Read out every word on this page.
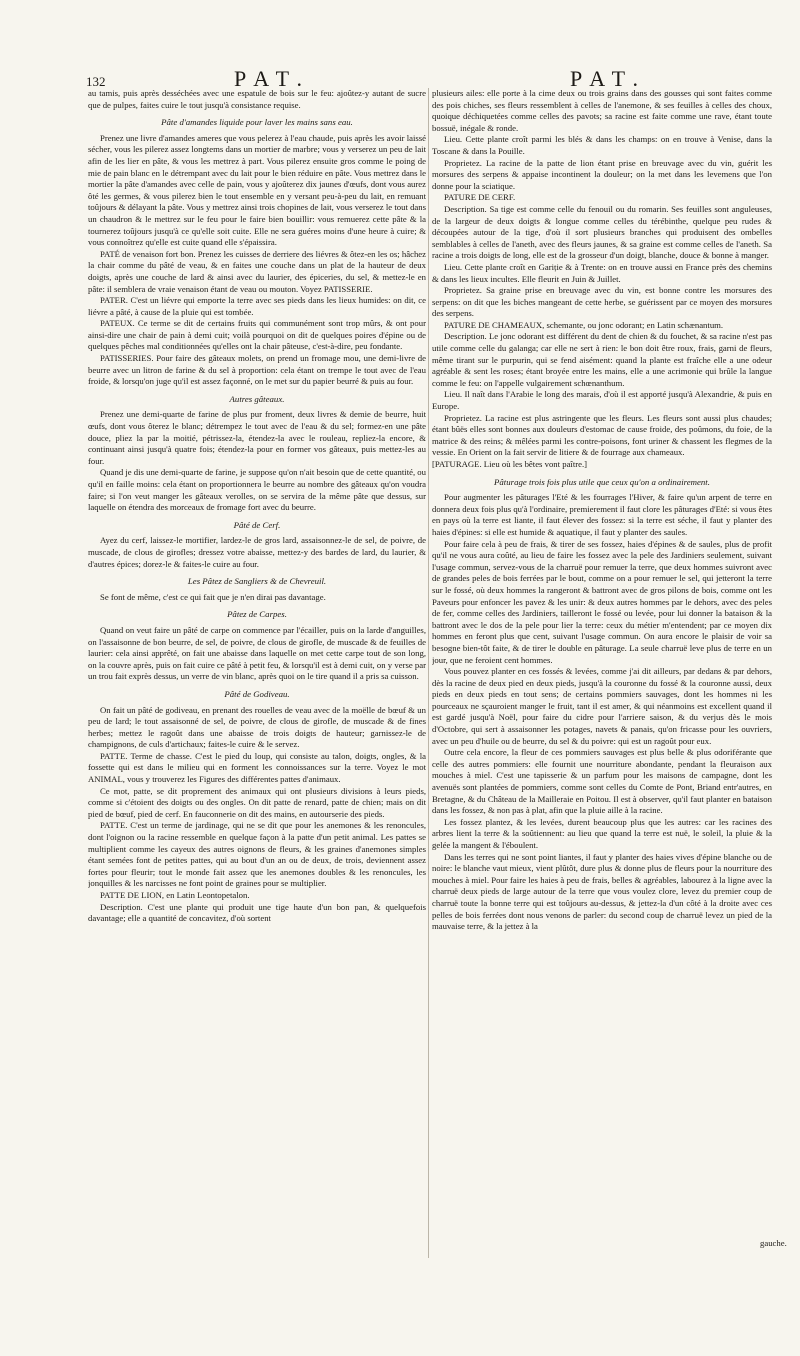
132	PAT.	PAT.

au tamis, puis après desséchées avec une espatule de bois sur le feu: ajoûtez-y autant de sucre que de pulpes, faites cuire le tout jusqu'à consistance requise.

Pâte d'amandes liquide pour laver les mains sans eau.

Prenez une livre d'amandes ameres que vous pelerez à l'eau chaude, puis après les avoir laissé sécher, vous les pilerez assez longtems dans un mortier de marbre; vous y verserez un peu de lait afin de les lier en pâte, & vous les mettrez à part. Vous pilerez ensuite gros comme le poing de mie de pain blanc en le détrempant avec du lait pour le bien réduire en pâte. Vous mettrez dans le mortier la pâte d'amandes avec celle de pain, vous y ajoûterez dix jaunes d'œufs, dont vous aurez ôté les germes, & vous pilerez bien le tout ensemble en y versant peu-à-peu du lait, en remuant toûjours & délayant la pâte. Vous y mettrez ainsi trois chopines de lait, vous verserez le tout dans un chaudron & le mettrez sur le feu pour le faire bien bouillir: vous remuerez cette pâte & la tournerez toûjours jusqu'à ce qu'elle soit cuite. Elle ne sera guéres moins d'une heure à cuire; & vous connoîtrez qu'elle est cuite quand elle s'épaissira.

PATÉ de venaison fort bon. Prenez les cuisses de derriere des liévres & ôtez-en les os; hâchez la chair comme du pâté de veau, & en faites une couche dans un plat de la hauteur de deux doigts, après une couche de lard & ainsi avec du laurier, des épiceries, du sel, & mettez-le en pâte: il semblera de vraie venaison étant de veau ou mouton. Voyez PATISSERIE.

PATER. C'est un liévre qui emporte la terre avec ses pieds dans les lieux humides: on dit, ce liévre a pâté, à cause de la pluie qui est tombée.

PATEUX. Ce terme se dit de certains fruits qui communément sont trop mûrs, & ont pour ainsi-dire une chair de pain à demi cuit; voilà pourquoi on dit de quelques poires d'épine ou de quelques pêches mal conditionnées qu'elles ont la chair pâteuse, c'est-à-dire, peu fondante.

PATISSERIES. Pour faire des gâteaux molets, on prend un fromage mou, une demi-livre de beurre avec un litron de farine & du sel à proportion: cela étant on trempe le tout avec de l'eau froide, & lorsqu'on juge qu'il est assez façonné, on le met sur du papier beurré & puis au four.

Autres gâteaux.

Prenez une demi-quarte de farine de plus pur froment, deux livres & demie de beurre, huit œufs, dont vous ôterez le blanc; détrempez le tout avec de l'eau & du sel; formez-en une pâte douce, pliez la par la moitié, pétrissez-la, étendez-la avec le rouleau, repliez-la encore, & continuant ainsi jusqu'à quatre fois; étendez-la pour en former vos gâteaux, puis mettez-les au four.

Quand je dis une demi-quarte de farine, je suppose qu'on n'ait besoin que de cette quantité, ou qu'il en faille moins: cela étant on proportionnera le beurre au nombre des gâteaux qu'on voudra faire; si l'on veut manger les gâteaux verolles, on se servira de la même pâte que dessus, sur laquelle on étendra des morceaux de fromage fort avec du beurre.

Pâté de Cerf.

Ayez du cerf, laissez-le mortifier, lardez-le de gros lard, assaisonnez-le de sel, de poivre, de muscade, de clous de girofles; dressez votre abaisse, mettez-y des bardes de lard, du laurier, & d'autres épices; dorez-le & faites-le cuire au four.

Les Pâtez de Sangliers & de Chevreuil.

Se font de même, c'est ce qui fait que je n'en dirai pas davantage.

Pâtez de Carpes.

Quand on veut faire un pâté de carpe on commence par l'écailler, puis on la larde d'anguilles, on l'assaisonne de bon beurre, de sel, de poivre, de clous de girofle, de muscade & de feuilles de laurier: cela ainsi apprêté, on fait une abaisse dans laquelle on met cette carpe tout de son long, on la couvre après, puis on fait cuire ce pâté à petit feu, & lorsqu'il est à demi cuit, on y verse par un trou fait exprès dessus, un verre de vin blanc, après quoi on le tire quand il a pris sa cuisson.

Pâté de Godiveau.

On fait un pâté de godiveau, en prenant des rouelles de veau avec de la moëlle de bœuf & un peu de lard; le tout assaisonné de sel, de poivre, de clous de girofle, de muscade & de fines herbes; mettez le ragoût dans une abaisse de trois doigts de hauteur; garnissez-le de champignons, de culs d'artichaux; faites-le cuire & le servez.

PATTE. Terme de chasse. C'est le pied du loup, qui consiste au talon, doigts, ongles, & la fossette qui est dans le milieu qui en forment les connoissances sur la terre. Voyez le mot ANIMAL, vous y trouverez les Figures des différentes pattes d'animaux.

Ce mot, patte, se dit proprement des animaux qui ont plusieurs divisions à leurs pieds, comme si c'étoient des doigts ou des ongles. On dit patte de renard, patte de chien; mais on dit pied de bœuf, pied de cerf. En fauconnerie on dit des mains, en autourserie des pieds.

PATTE. C'est un terme de jardinage, qui ne se dit que pour les anemones & les renoncules, dont l'oignon ou la racine ressemble en quelque façon à la patte d'un petit animal. Les pattes se multiplient comme les cayeux des autres oignons de fleurs, & les graines d'anemones simples étant semées font de petites pattes, qui au bout d'un an ou de deux, de trois, deviennent assez fortes pour fleurir; tout le monde fait assez que les anemones doubles & les renoncules, les jonquilles & les narcisses ne font point de graines pour se multiplier.

PATTE DE LION, en Latin Leontopetalon.

Description. C'est une plante qui produit une tige haute d'un bon pan, & quelquefois davantage; elle a quantité de concavitez, d'où sortent

plusieurs ailes: elle porte à la cime deux ou trois grains dans des gousses qui sont faites comme des pois chiches, ses fleurs ressemblent à celles de l'anemone, & ses feuilles à celles des choux, quoique déchiquetées comme celles des pavots; sa racine est faite comme une rave, étant toute bossuë, inégale & ronde.

Lieu. Cette plante croît parmi les blés & dans les champs: on en trouve à Venise, dans la Toscane & dans la Pouille.

Proprietez. La racine de la patte de lion étant prise en breuvage avec du vin, guérit les morsures des serpens & appaise incontinent la douleur; on la met dans les levemens que l'on donne pour la sciatique.

PATURE DE CERF.

Description. Sa tige est comme celle du fenouil ou du romarin. Ses feuilles sont anguleuses, de la largeur de deux doigts & longue comme celles du térébinthe, quelque peu rudes & découpées autour de la tige, d'où il sort plusieurs branches qui produisent des ombelles semblables à celles de l'aneth, avec des fleurs jaunes, & sa graine est comme celles de l'aneth. Sa racine a trois doigts de long, elle est de la grosseur d'un doigt, blanche, douce & bonne à manger.

Lieu. Cette plante croît en Gariție & à Trente: on en trouve aussi en France près des chemins & dans les lieux incultes. Elle fleurit en Juin & Juillet.

Proprietez. Sa graine prise en breuvage avec du vin, est bonne contre les morsures des serpens: on dit que les biches mangeant de cette herbe, se guérissent par ce moyen des morsures des serpens.

PATURE DE CHAMEAUX, schemante, ou jonc odorant; en Latin schænantum.

Description. Le jonc odorant est différent du dent de chien & du fouchet, & sa racine n'est pas utile comme celle du galanga; car elle ne sert à rien: le bon doit être roux, frais, garni de fleurs, même tirant sur le purpurin, qui se fend aisément: quand la plante est fraîche elle a une odeur agréable & sent les roses; étant broyée entre les mains, elle a une acrimonie qui brûle la langue comme le feu: on l'appelle vulgairement schœnanthum.

Lieu. Il naît dans l'Arabie le long des marais, d'où il est apporté jusqu'à Alexandrie, & puis en Europe.

Proprietez. La racine est plus astringente que les fleurs. Les fleurs sont aussi plus chaudes; étant bûës elles sont bonnes aux douleurs d'estomac de cause froide, des poûmons, du foie, de la matrice & des reins; & mêlées parmi les contre-poisons, font uriner & chassent les flegmes de la vessie. En Orient on la fait servir de litiere & de fourrage aux chameaux.

[PATURAGE. Lieu où les bêtes vont paître.]

Pâturage trois fois plus utile que ceux qu'on a ordinairement.

Pour augmenter les pâturages l'Eté & les fourrages l'Hiver, & faire qu'un arpent de terre en donnera deux fois plus qu'à l'ordinaire, premierement il faut clore les pâturages d'Eté: si vous êtes en pays où la terre est liante, il faut élever des fossez: si la terre est séche, il faut y planter des haies d'épines: si elle est humide & aquatique, il faut y planter des saules.

Pour faire cela à peu de frais, & tirer de ses fossez, haies d'épines & de saules, plus de profit qu'il ne vous aura coûté, au lieu de faire les fossez avec la pele des Jardiniers seulement, suivant l'usage commun, servez-vous de la charruë pour remuer la terre, que deux hommes suivront avec de grandes peles de bois ferrées par le bout, comme on a pour remuer le sel, qui jetteront la terre sur le fossé, où deux hommes la rangeront & battront avec de gros pilons de bois, comme ont les Paveurs pour enfoncer les pavez & les unir: & deux autres hommes par le dehors, avec des peles de fer, comme celles des Jardiniers, tailleront le fossé ou levée, pour lui donner la bataison & la battront avec le dos de la pele pour lier la terre: ceux du métier m'entendent; par ce moyen dix hommes en feront plus que cent, suivant l'usage commun. On aura encore le plaisir de voir sa besogne bien-tôt faite, & de tirer le double en pâturage. La seule charruë leve plus de terre en un jour, que ne feroient cent hommes.

Vous pouvez planter en ces fossés & levées, comme j'ai dit ailleurs, par dedans & par dehors, dès la racine de deux pied en deux pieds, jusqu'à la couronne du fossé & la couronne aussi, deux pieds en deux pieds en tout sens; de certains pommiers sauvages, dont les hommes ni les pourceaux ne sçauroient manger le fruit, tant il est amer, & qui néanmoins est excellent quand il est gardé jusqu'à Noël, pour faire du cidre pour l'arriere saison, & du verjus dès le mois d'Octobre, qui sert à assaisonner les potages, navets & panais, qu'on fricasse pour les ouvriers, avec un peu d'huile ou de beurre, du sel & du poivre: qui est un ragoût pour eux.

Outre cela encore, la fleur de ces pommiers sauvages est plus belle & plus odoriférante que celle des autres pommiers: elle fournit une nourriture abondante, pendant la fleuraison aux mouches à miel. C'est une tapisserie & un parfum pour les maisons de campagne, dont les avenuës sont plantées de pommiers, comme sont celles du Comte de Pont, Briand entr'autres, en Bretagne, & du Château de la Mailleraie en Poitou. Il est à observer, qu'il faut planter en bataison dans les fossez, & non pas à plat, afin que la pluie aille à la racine.

Les fossez plantez, & les levées, durent beaucoup plus que les autres: car les racines des arbres lient la terre & la soûtiennent: au lieu que quand la terre est nuë, le soleil, la pluie & la gelée la mangent & l'éboulent.

Dans les terres qui ne sont point liantes, il faut y planter des haies vives d'épine blanche ou de noire: le blanche vaut mieux, vient plûtôt, dure plus & donne plus de fleurs pour la nourriture des mouches à miel. Pour faire les haies à peu de frais, belles & agréables, labourez à la ligne avec la charruë deux pieds de large autour de la terre que vous voulez clore, levez du premier coup de charruë toute la bonne terre qui est toûjours au-dessus, & jettez-la d'un côté à la droite avec ces pelles de bois ferrées dont nous venons de parler: du second coup de charruë levez un pied de la mauvaise terre, & la jettez à la

gauche.
